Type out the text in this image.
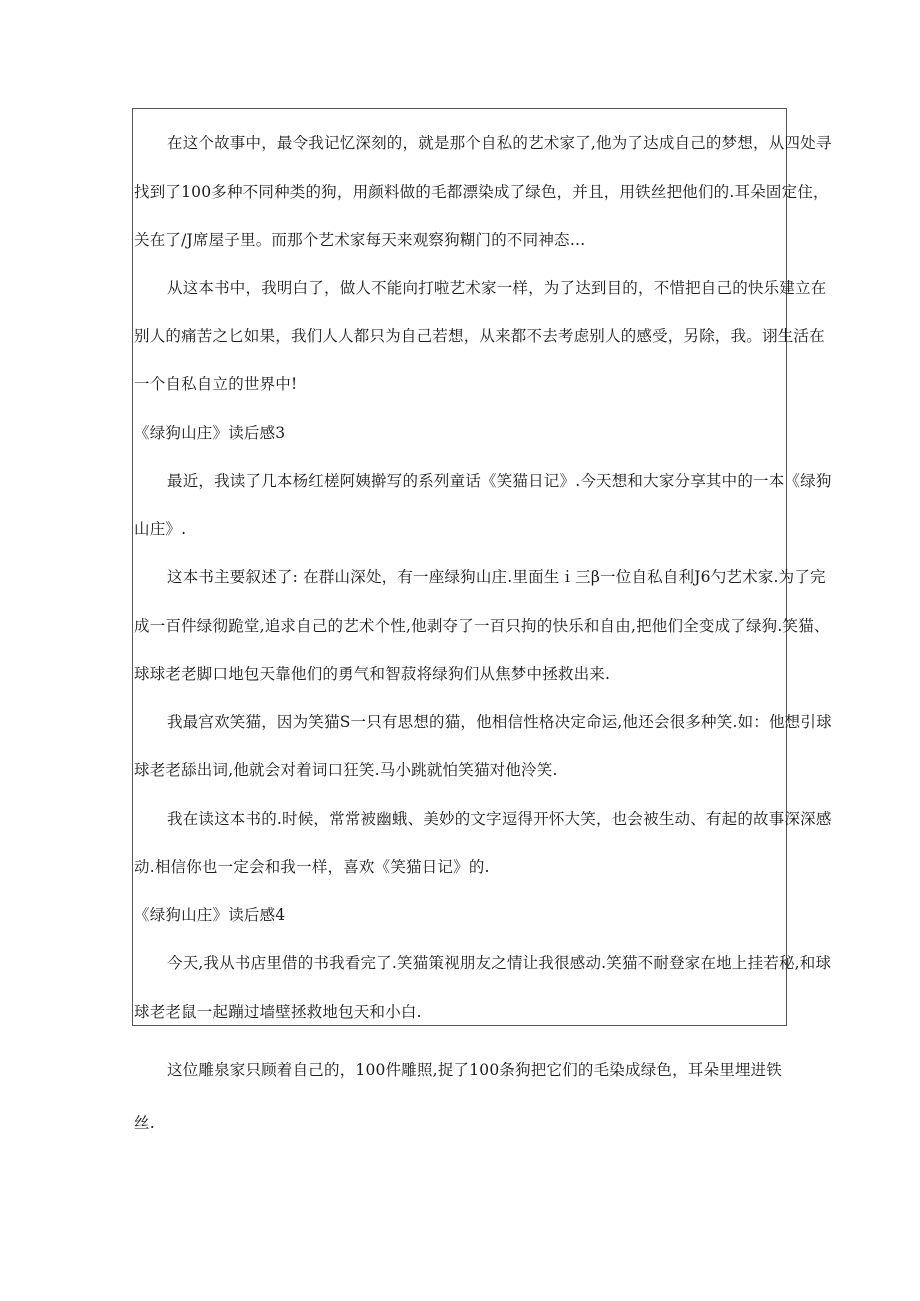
在这个故事中，最令我记忆深刻的，就是那个自私的艺术家了,他为了达成自己的梦想，从四处寻
找到了100多种不同种类的狗，用颜料做的毛都漂染成了绿色，并且，用铁丝把他们的.耳朵固定住，
关在了/J席屋子里。而那个艺术家每天来观察狗糊门的不同神态…
从这本书中，我明白了，做人不能向打啦艺术家一样，为了达到目的，不惜把自己的快乐建立在
别人的痛苦之匕如果，我们人人都只为自己若想，从来都不去考虑别人的感受，另除，我。诩生活在
一个自私自立的世界中!
《绿狗山庄》读后感3
最近，我读了几本杨红槎阿姨擀写的系列童话《笑猫日记》.今天想和大家分享其中的一本《绿狗
山庄》.
这本书主要叙述了: 在群山深处，有一座绿狗山庄.里面生ｉ三β一位自私自利J6勺艺术家.为了完
成一百件绿彻跪堂,追求自己的艺术个性,他剥夺了一百只拘的快乐和自由,把他们全变成了绿狗.笑猫、
球球老老脚口地包天靠他们的勇气和智菽将绿狗们从焦梦中拯救出来.
我最宫欢笑猫，因为笑猫S一只有思想的猫，他相信性格决定命运,他还会很多种笑.如：他想引球
球老老舔出词,他就会对着词口狂笑.马小跳就怕笑猫对他泠笑.
我在读这本书的.时候，常常被幽蛾、美妙的文字逗得开怀大笑，也会被生动、有起的故事深深感
动.相信你也一定会和我一样，喜欢《笑猫日记》的.
《绿狗山庄》读后感4
今天,我从书店里借的书我看完了.笑猫策视朋友之情让我很感动.笑猫不耐登家在地上挂若秘,和球
球老老鼠一起蹦过墙壁拯救地包天和小白.
这位雕泉家只顾着自己的，100件雕照,捉了100条狗把它们的毛染成绿色，耳朵里埋进铁
丝.
